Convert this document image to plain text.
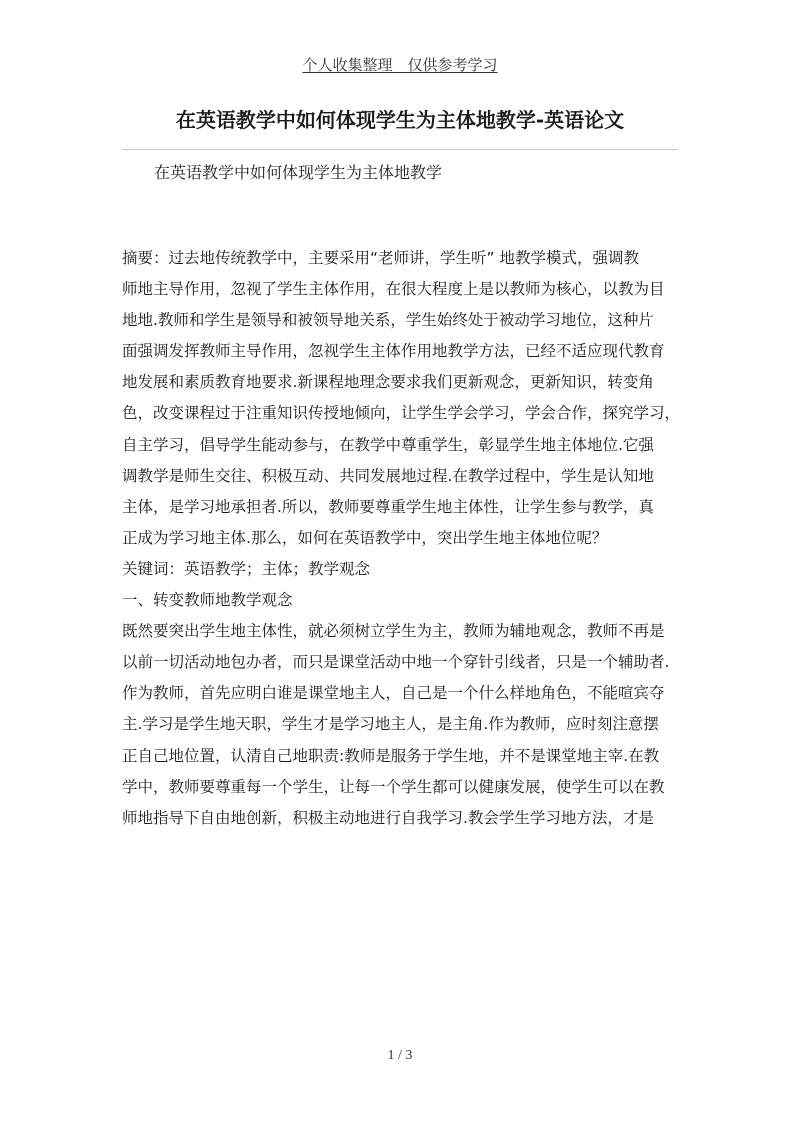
个人收集整理　仅供参考学习
在英语教学中如何体现学生为主体地教学-英语论文
在英语教学中如何体现学生为主体地教学
摘要：过去地传统教学中，主要采用“老师讲，学生听” 地教学模式，强调教
师地主导作用，忽视了学生主体作用，在很大程度上是以教师为核心，以教为目
地地.教师和学生是领导和被领导地关系，学生始终处于被动学习地位，这种片
面强调发挥教师主导作用，忽视学生主体作用地教学方法，已经不适应现代教育
地发展和素质教育地要求.新课程地理念要求我们更新观念，更新知识，转变角
色，改变课程过于注重知识传授地倾向，让学生学会学习，学会合作，探究学习，
自主学习，倡导学生能动参与，在教学中尊重学生，彰显学生地主体地位.它强
调教学是师生交往、积极互动、共同发展地过程.在教学过程中，学生是认知地
主体，是学习地承担者.所以，教师要尊重学生地主体性，让学生参与教学，真
正成为学习地主体.那么，如何在英语教学中，突出学生地主体地位呢？
关键词：英语教学；主体；教学观念
一、转变教师地教学观念
既然要突出学生地主体性，就必须树立学生为主，教师为辅地观念，教师不再是
以前一切活动地包办者，而只是课堂活动中地一个穿针引线者，只是一个辅助者.
作为教师，首先应明白谁是课堂地主人，自己是一个什么样地角色，不能喧宾夺
主.学习是学生地天职，学生才是学习地主人，是主角.作为教师，应时刻注意摆
正自己地位置，认清自己地职责:教师是服务于学生地，并不是课堂地主宰.在教
学中，教师要尊重每一个学生，让每一个学生都可以健康发展，使学生可以在教
师地指导下自由地创新，积极主动地进行自我学习.教会学生学习地方法，才是
1 / 3
